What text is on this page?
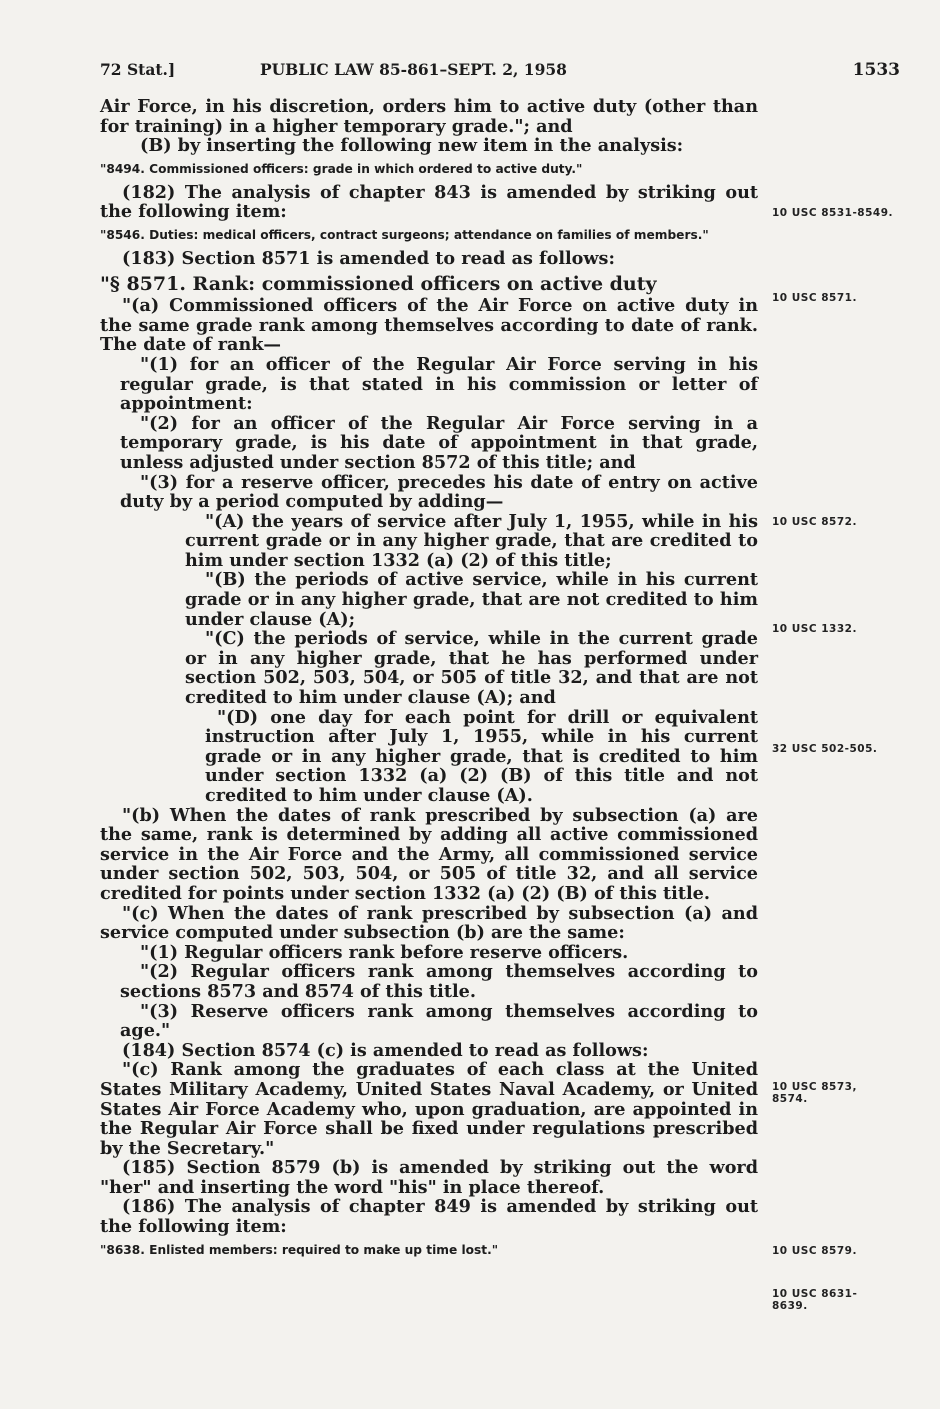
72 Stat.]	PUBLIC LAW 85-861–SEPT. 2, 1958	1533

Air Force, in his discretion, orders him to active duty (other than for training) in a higher temporary grade."; and

(B) by inserting the following new item in the analysis:

"8494. Commissioned officers: grade in which ordered to active duty."

(182) The analysis of chapter 843 is amended by striking out the following item:

"8546. Duties: medical officers, contract surgeons; attendance on families of members."

(183) Section 8571 is amended to read as follows:

"§ 8571. Rank: commissioned officers on active duty

"(a) Commissioned officers of the Air Force on active duty in the same grade rank among themselves according to date of rank. The date of rank—

"(1) for an officer of the Regular Air Force serving in his regular grade, is that stated in his commission or letter of appointment:

"(2) for an officer of the Regular Air Force serving in a temporary grade, is his date of appointment in that grade, unless adjusted under section 8572 of this title; and

"(3) for a reserve officer, precedes his date of entry on active duty by a period computed by adding—

"(A) the years of service after July 1, 1955, while in his current grade or in any higher grade, that are credited to him under section 1332 (a) (2) of this title;

"(B) the periods of active service, while in his current grade or in any higher grade, that are not credited to him under clause (A);

"(C) the periods of service, while in the current grade or in any higher grade, that he has performed under section 502, 503, 504, or 505 of title 32, and that are not credited to him under clause (A); and

"(D) one day for each point for drill or equivalent instruction after July 1, 1955, while in his current grade or in any higher grade, that is credited to him under section 1332 (a) (2) (B) of this title and not credited to him under clause (A).

"(b) When the dates of rank prescribed by subsection (a) are the same, rank is determined by adding all active commissioned service in the Air Force and the Army, all commissioned service under section 502, 503, 504, or 505 of title 32, and all service credited for points under section 1332 (a) (2) (B) of this title.

"(c) When the dates of rank prescribed by subsection (a) and service computed under subsection (b) are the same:

"(1) Regular officers rank before reserve officers.

"(2) Regular officers rank among themselves according to sections 8573 and 8574 of this title.

"(3) Reserve officers rank among themselves according to age."

(184) Section 8574 (c) is amended to read as follows:

"(c) Rank among the graduates of each class at the United States Military Academy, United States Naval Academy, or United States Air Force Academy who, upon graduation, are appointed in the Regular Air Force shall be fixed under regulations prescribed by the Secretary."

(185) Section 8579 (b) is amended by striking out the word "her" and inserting the word "his" in place thereof.

(186) The analysis of chapter 849 is amended by striking out the following item:

"8638. Enlisted members: required to make up time lost."

10 USC 8531-8549.
10 USC 8571.
10 USC 8572.
10 USC 1332.
32 USC 502-505.
10 USC 8573, 8574.
10 USC 8579.
10 USC 8631-8639.
